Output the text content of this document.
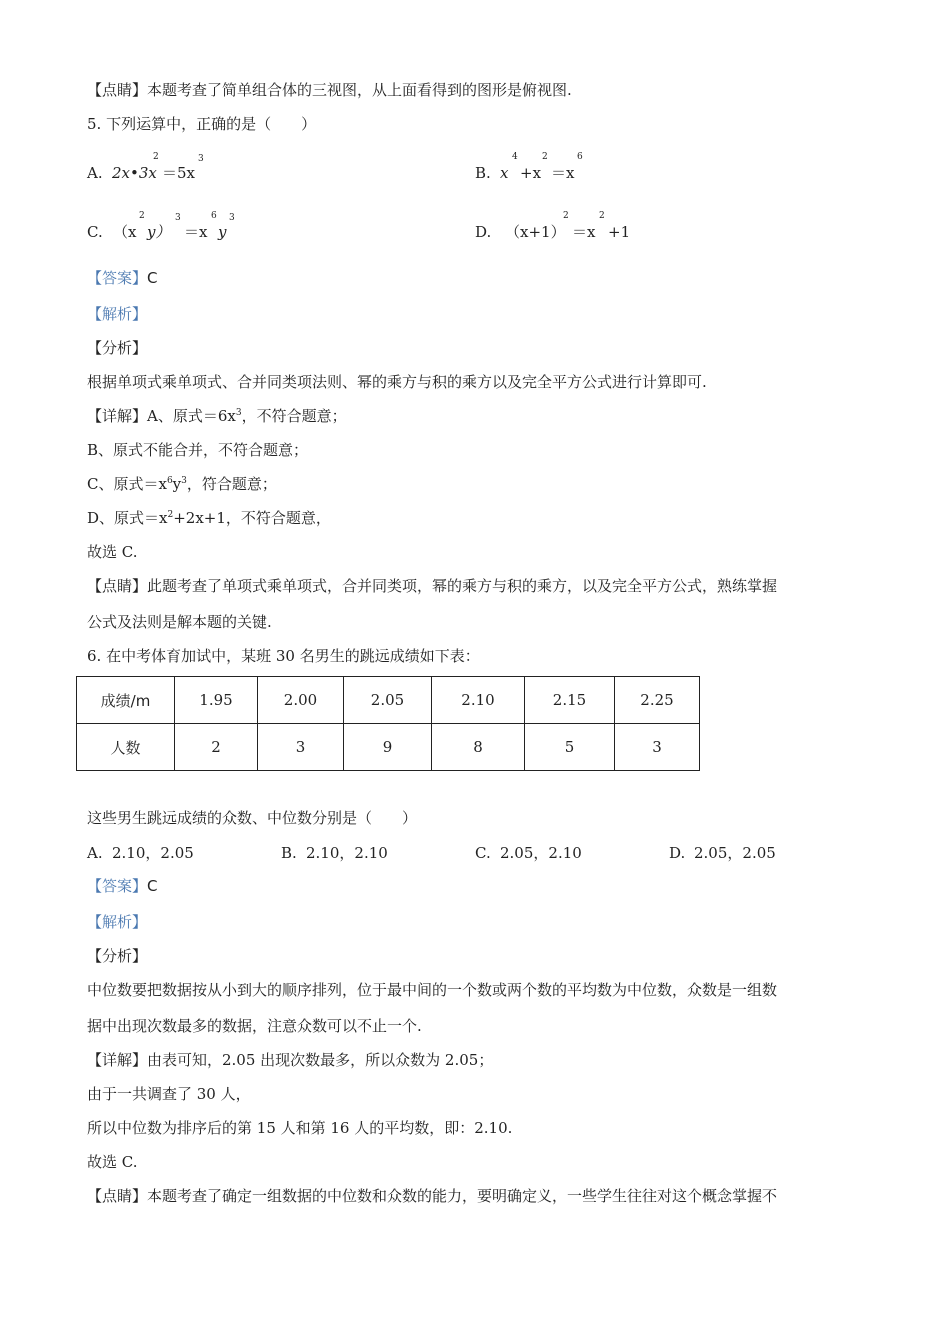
【点睛】本题考查了简单组合体的三视图，从上面看得到的图形是俯视图.
5. 下列运算中，正确的是（　　）
A. 2x•3x
2
＝5x
3
B. x
4
+x
2
＝x
6
C. （x
2
y）
3
＝x
6
y
3
D. （x+1）
2
＝x
2
+1
【答案】C
【解析】
【分析】
根据单项式乘单项式、合并同类项法则、幂的乘方与积的乘方以及完全平方公式进行计算即可.
【详解】A、原式$=6x^3$，不符合题意；
B、原式不能合并，不符合题意；
C、原式$=x^6y^3$，符合题意；
D、原式$=x^2+2x+1$，不符合题意，
故选 C.
【点睛】此题考查了单项式乘单项式，合并同类项，幂的乘方与积的乘方，以及完全平方公式，熟练掌握
公式及法则是解本题的关键.
6. 在中考体育加试中，某班 30 名男生的跳远成绩如下表：
成绩/m	1.95	2.00	2.05	2.10	2.15	2.25
人数	2	3	9	8	5	3
这些男生跳远成绩的众数、中位数分别是（　　）
A. 2.10，2.05	B. 2.10，2.10	C. 2.05，2.10	D. 2.05，2.05
【答案】C
【解析】
【分析】
中位数要把数据按从小到大的顺序排列，位于最中间的一个数或两个数的平均数为中位数，众数是一组数
据中出现次数最多的数据，注意众数可以不止一个.
【详解】由表可知，2.05 出现次数最多，所以众数为 2.05；
由于一共调查了 30 人，
所以中位数为排序后的第 15 人和第 16 人的平均数，即：2.10.
故选 C.
【点睛】本题考查了确定一组数据的中位数和众数的能力，要明确定义，一些学生往往对这个概念掌握不
